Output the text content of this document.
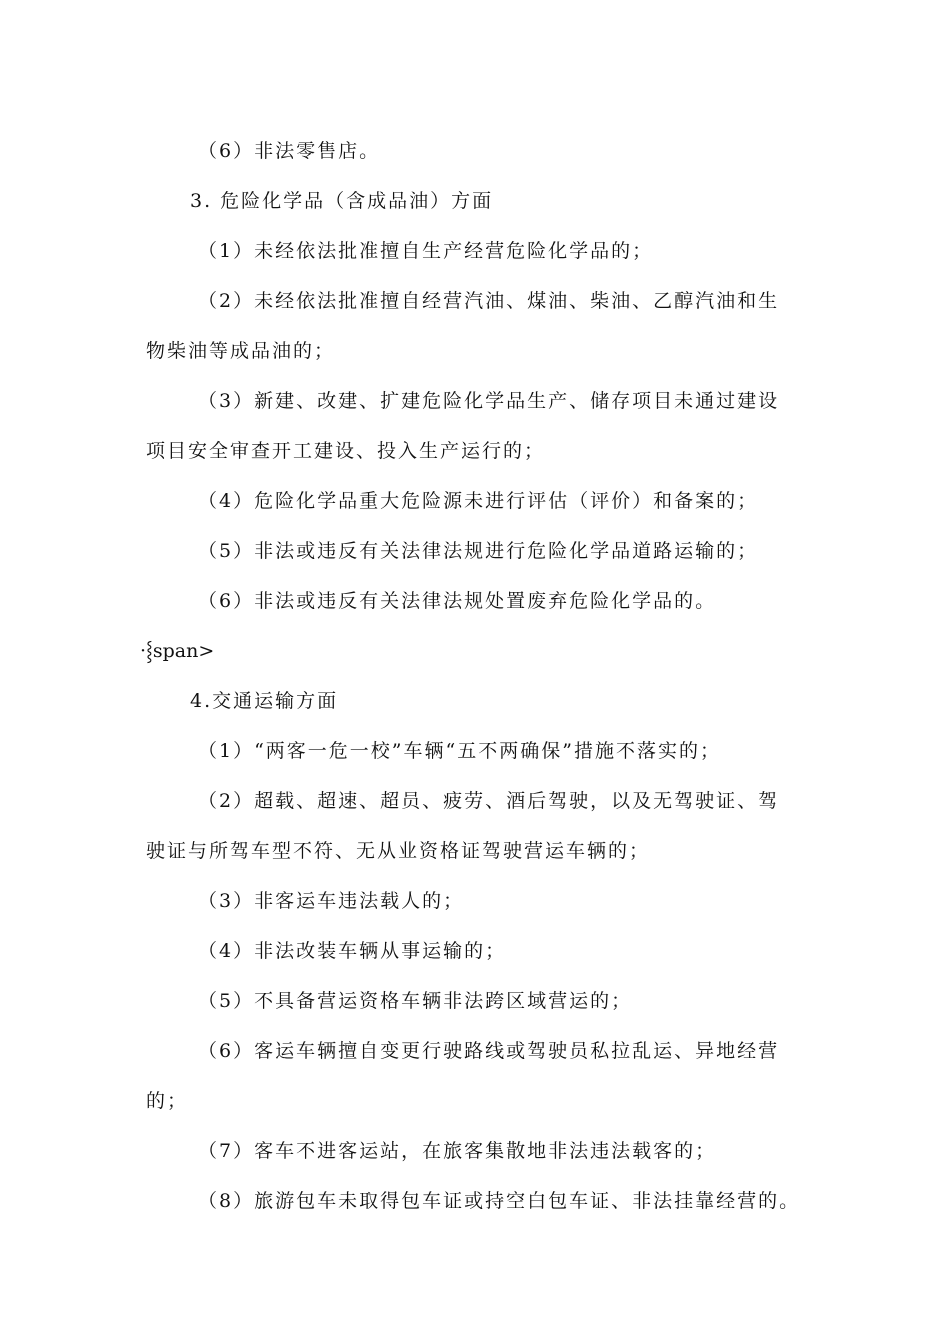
（6）非法零售店。
3. 危险化学品（含成品油）方面
（1）未经依法批准擅自生产经营危险化学品的；
（2）未经依法批准擅自经营汽油、煤油、柴油、乙醇汽油和生
物柴油等成品油的；
（3）新建、改建、扩建危险化学品生产、储存项目未通过建设
项目安全审查开工建设、投入生产运行的；
（4）危险化学品重大危险源未进行评估（评价）和备案的；
（5）非法或违反有关法律法规进行危险化学品道路运输的；
（6）非法或违反有关法律法规处置废弃危险化学品的。
·⸾span>
4.交通运输方面
（1）“两客一危一校”车辆“五不两确保”措施不落实的；
（2）超载、超速、超员、疲劳、酒后驾驶，以及无驾驶证、驾
驶证与所驾车型不符、无从业资格证驾驶营运车辆的；
（3）非客运车违法载人的；
（4）非法改装车辆从事运输的；
（5）不具备营运资格车辆非法跨区域营运的；
（6）客运车辆擅自变更行驶路线或驾驶员私拉乱运、异地经营
的；
（7）客车不进客运站，在旅客集散地非法违法载客的；
（8）旅游包车未取得包车证或持空白包车证、非法挂靠经营的。
